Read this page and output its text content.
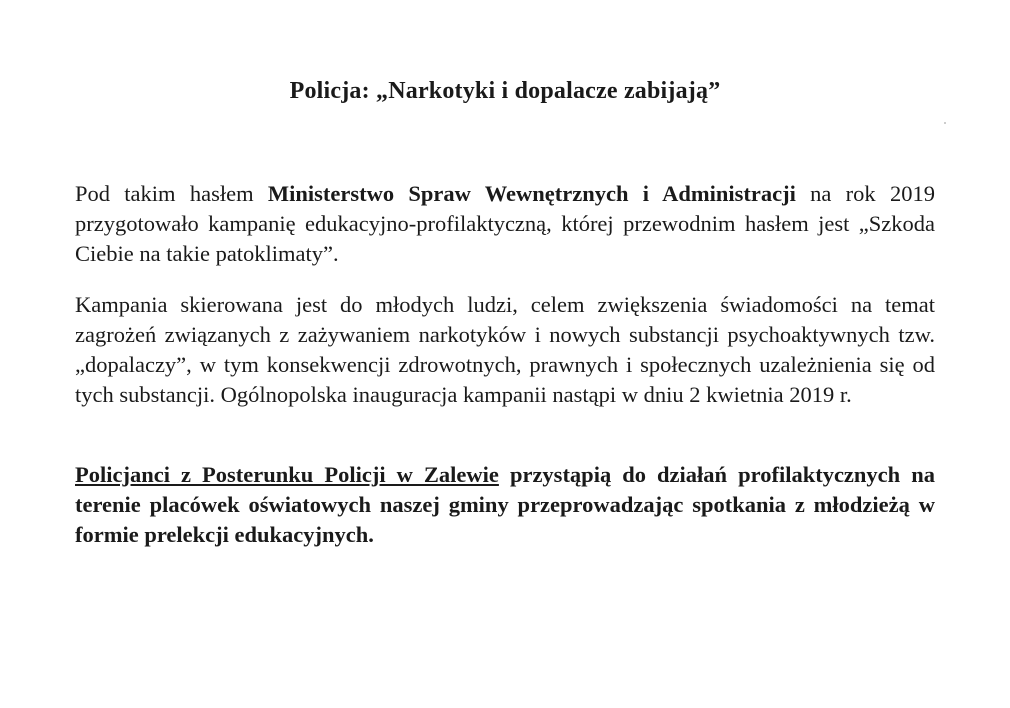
Policja: „Narkotyki i dopalacze zabijają”

Pod takim hasłem Ministerstwo Spraw Wewnętrznych i Administracji na rok 2019 przygotowało kampanię edukacyjno-profilaktyczną, której przewodnim hasłem jest „Szkoda Ciebie na takie patoklimaty”.

Kampania skierowana jest do młodych ludzi, celem zwiększenia świadomości na temat zagrożeń związanych z zażywaniem narkotyków i nowych substancji psychoaktywnych tzw. „dopalaczy”, w tym konsekwencji zdrowotnych, prawnych i społecznych uzależnienia się od tych substancji. Ogólnopolska inauguracja kampanii nastąpi w dniu 2 kwietnia 2019 r.

Policjanci z Posterunku Policji w Zalewie przystąpią do działań profilaktycznych na terenie placówek oświatowych naszej gminy przeprowadzając spotkania z młodzieżą w formie prelekcji edukacyjnych.
